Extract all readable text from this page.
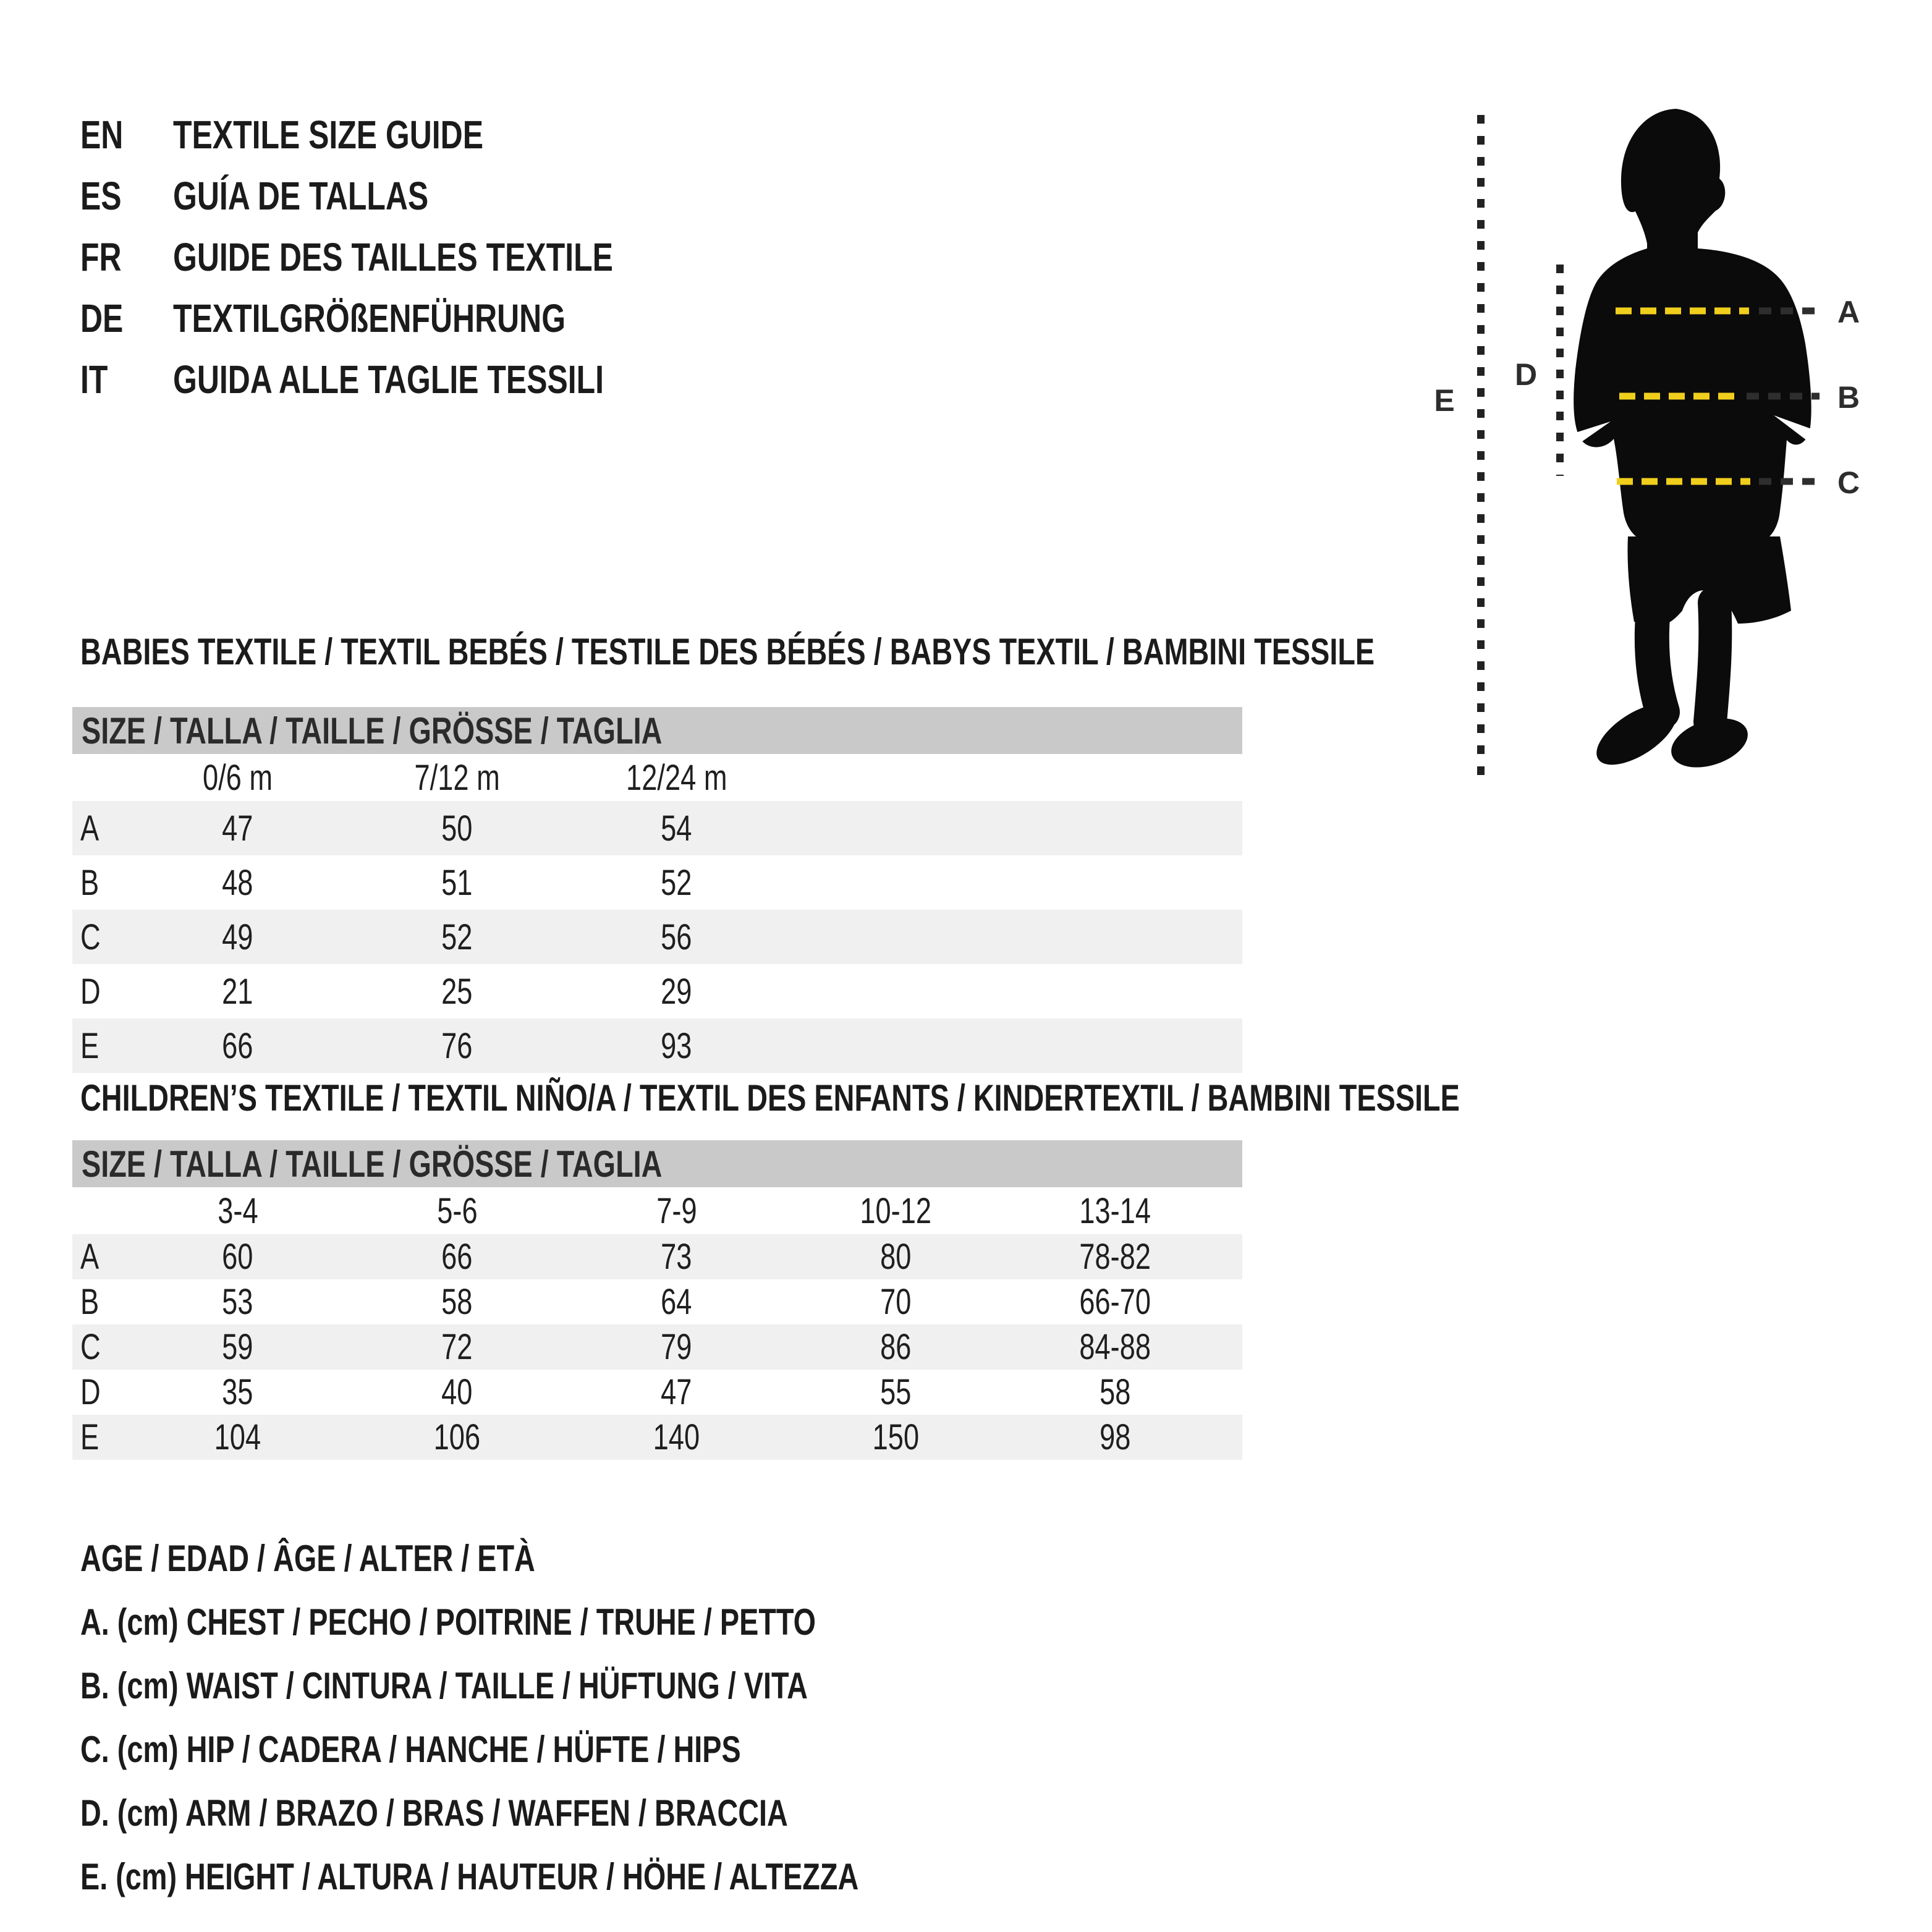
EN	TEXTILE SIZE GUIDE
ES	GUÍA DE TALLAS
FR	GUIDE DES TAILLES TEXTILE
DE	TEXTILGRÖßENFÜHRUNG
IT	GUIDA ALLE TAGLIE TESSILI
A
B
C
D
E
BABIES TEXTILE / TEXTIL BEBÉS / TESTILE DES BÉBÉS / BABYS TEXTIL / BAMBINI TESSILE
SIZE / TALLA / TAILLE / GRÖSSE / TAGLIA
0/6 m	7/12 m	12/24 m
A	47	50	54
B	48	51	52
C	49	52	56
D	21	25	29
E	66	76	93
CHILDREN’S TEXTILE / TEXTIL NIÑO/A / TEXTIL DES ENFANTS / KINDERTEXTIL / BAMBINI TESSILE
SIZE / TALLA / TAILLE / GRÖSSE / TAGLIA
3-4	5-6	7-9	10-12	13-14
A	60	66	73	80	78-82
B	53	58	64	70	66-70
C	59	72	79	86	84-88
D	35	40	47	55	58
E	104	106	140	150	98

AGE / EDAD / ÂGE / ALTER / ETÀ

A. (cm) CHEST / PECHO / POITRINE / TRUHE / PETTO

B. (cm) WAIST / CINTURA / TAILLE / HÜFTUNG / VITA

C. (cm) HIP / CADERA / HANCHE / HÜFTE / HIPS

D. (cm) ARM / BRAZO / BRAS / WAFFEN / BRACCIA

E. (cm) HEIGHT / ALTURA / HAUTEUR / HÖHE / ALTEZZA
